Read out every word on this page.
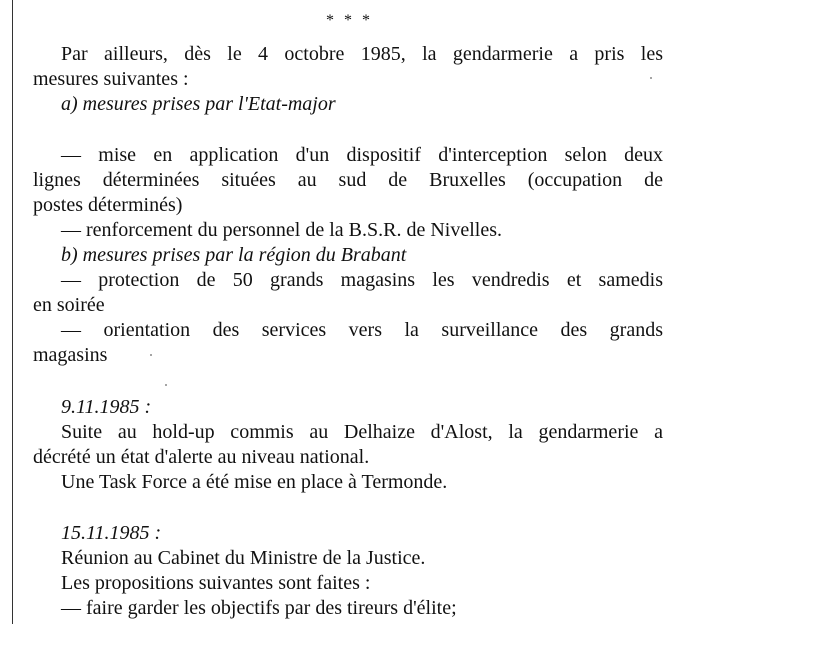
* * *
Par ailleurs, dès le 4 octobre 1985, la gendarmerie a pris les
mesures suivantes :
a) mesures prises par l'Etat-major
— mise en application d'un dispositif d'interception selon deux
lignes déterminées situées au sud de Bruxelles (occupation de
postes déterminés)
— renforcement du personnel de la B.S.R. de Nivelles.
b) mesures prises par la région du Brabant
— protection de 50 grands magasins les vendredis et samedis
en soirée
— orientation des services vers la surveillance des grands
magasins
9.11.1985 :
Suite au hold-up commis au Delhaize d'Alost, la gendarmerie a
décrété un état d'alerte au niveau national.
Une Task Force a été mise en place à Termonde.
15.11.1985 :
Réunion au Cabinet du Ministre de la Justice.
Les propositions suivantes sont faites :
— faire garder les objectifs par des tireurs d'élite;
